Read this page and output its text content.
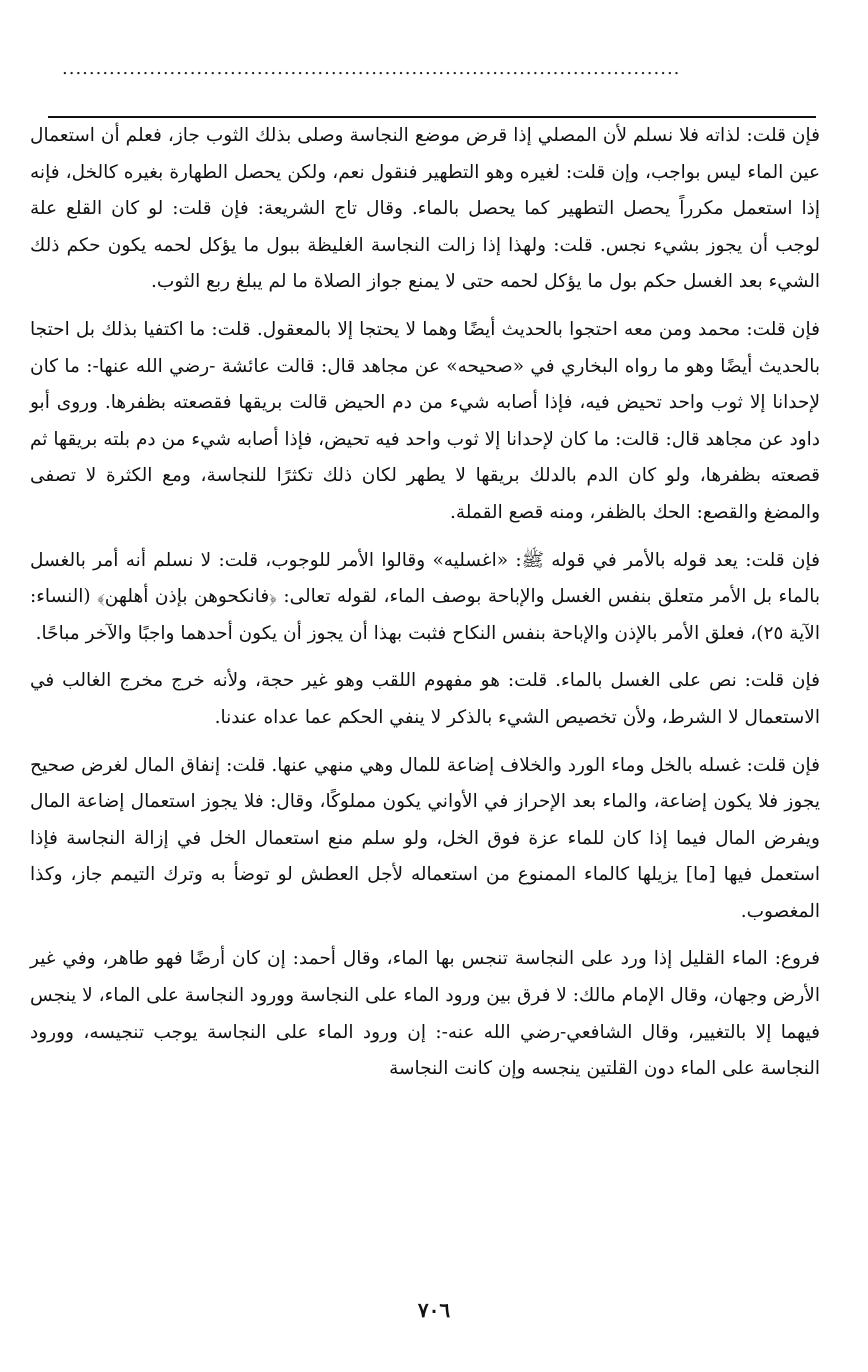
............................................................................................

فإن قلت: لذاته فلا نسلم لأن المصلي إذا قرض موضع النجاسة وصلى بذلك الثوب جاز، فعلم أن استعمال عين الماء ليس بواجب، وإن قلت: لغيره وهو التطهير فنقول نعم، ولكن يحصل الطهارة بغيره كالخل، فإنه إذا استعمل مكرراً يحصل التطهير كما يحصل بالماء. وقال تاج الشريعة: فإن قلت: لو كان القلع علة لوجب أن يجوز بشيء نجس. قلت: ولهذا إذا زالت النجاسة الغليظة ببول ما يؤكل لحمه يكون حكم ذلك الشيء بعد الغسل حكم بول ما يؤكل لحمه حتى لا يمنع جواز الصلاة ما لم يبلغ ربع الثوب.

فإن قلت: محمد ومن معه احتجوا بالحديث أيضًا وهما لا يحتجا إلا بالمعقول. قلت: ما اكتفيا بذلك بل احتجا بالحديث أيضًا وهو ما رواه البخاري في «صحيحه» عن مجاهد قال: قالت عائشة -رضي الله عنها-: ما كان لإحدانا إلا ثوب واحد تحيض فيه، فإذا أصابه شيء من دم الحيض قالت بريقها فقصعته بظفرها. وروى أبو داود عن مجاهد قال: قالت: ما كان لإحدانا إلا ثوب واحد فيه تحيض، فإذا أصابه شيء من دم بلته بريقها ثم قصعته بظفرها، ولو كان الدم بالدلك بريقها لا يطهر لكان ذلك تكثرًا للنجاسة، ومع الكثرة لا تصفى والمضغ والقصع: الحك بالظفر، ومنه قصع القملة.

فإن قلت: يعد قوله بالأمر في قوله ﷺ: «اغسليه» وقالوا الأمر للوجوب، قلت: لا نسلم أنه أمر بالغسل بالماء بل الأمر متعلق بنفس الغسل والإباحة بوصف الماء، لقوله تعالى: ﴿فانكحوهن بإذن أهلهن﴾ (النساء: الآية ٢٥)، فعلق الأمر بالإذن والإباحة بنفس النكاح فثبت بهذا أن يجوز أن يكون أحدهما واجبًا والآخر مباحًا.

فإن قلت: نص على الغسل بالماء. قلت: هو مفهوم اللقب وهو غير حجة، ولأنه خرج مخرج الغالب في الاستعمال لا الشرط، ولأن تخصيص الشيء بالذكر لا ينفي الحكم عما عداه عندنا.

فإن قلت: غسله بالخل وماء الورد والخلاف إضاعة للمال وهي منهي عنها. قلت: إنفاق المال لغرض صحيح يجوز فلا يكون إضاعة، والماء بعد الإحراز في الأواني يكون مملوكًا، وقال: فلا يجوز استعمال إضاعة المال ويفرض المال فيما إذا كان للماء عزة فوق الخل، ولو سلم منع استعمال الخل في إزالة النجاسة فإذا استعمل فيها [ما] يزيلها كالماء الممنوع من استعماله لأجل العطش لو توضأ به وترك التيمم جاز، وكذا المغصوب.

فروع: الماء القليل إذا ورد على النجاسة تنجس بها الماء، وقال أحمد: إن كان أرضًا فهو طاهر، وفي غير الأرض وجهان، وقال الإمام مالك: لا فرق بين ورود الماء على النجاسة وورود النجاسة على الماء، لا ينجس فيهما إلا بالتغيير، وقال الشافعي-رضي الله عنه-: إن ورود الماء على النجاسة يوجب تنجيسه، وورود النجاسة على الماء دون القلتين ينجسه وإن كانت النجاسة

٧٠٦
